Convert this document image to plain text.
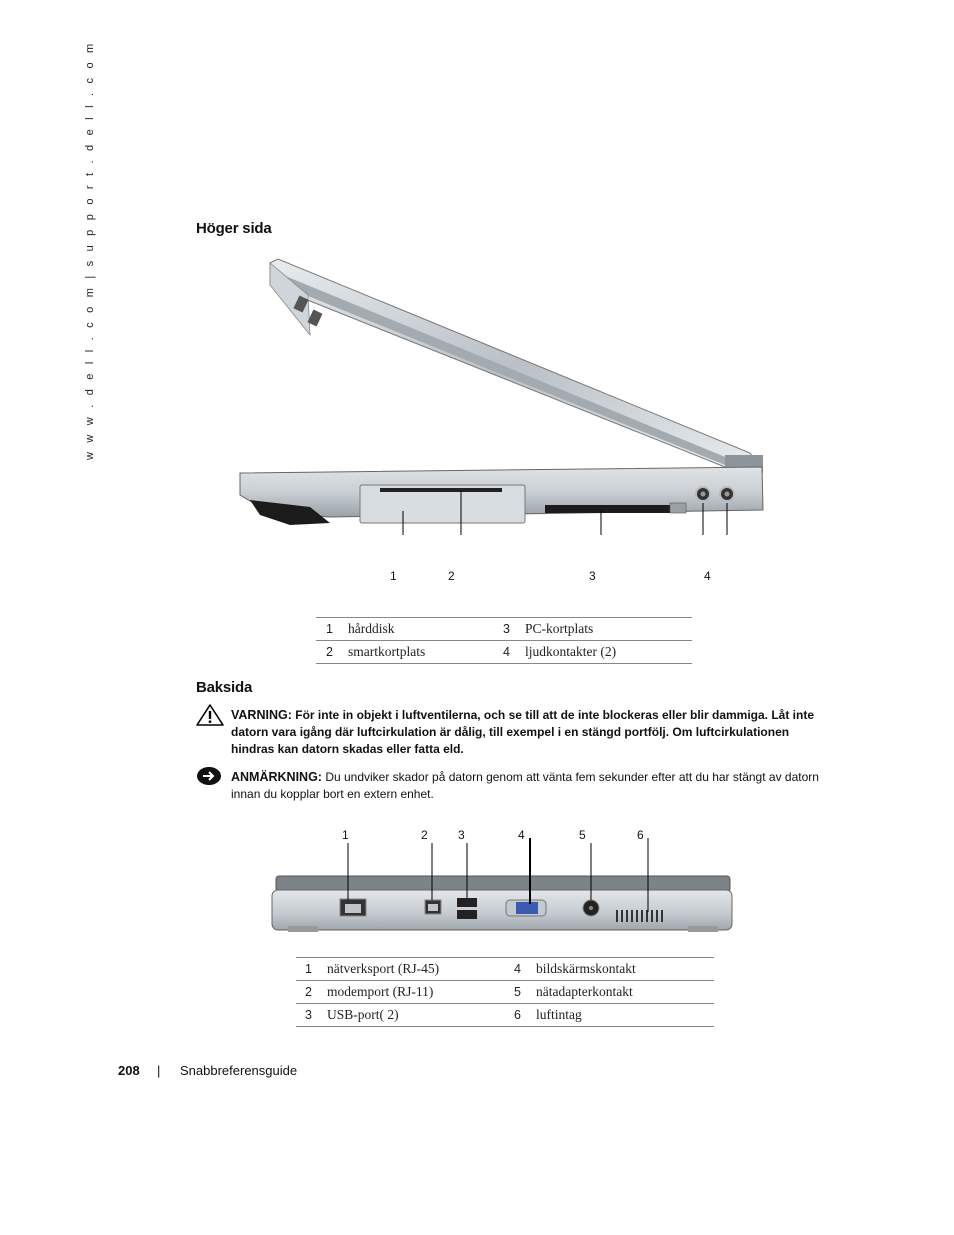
w w w . d e l l . c o m | s u p p o r t . d e l l . c o m	Höger sida
1	2	3	4
1	hårddisk	3	PC-kortplats
2	smartkortplats	4	ljudkontakter (2)
Baksida
VARNING: För inte in objekt i luftventilerna, och se till att de inte blockeras eller blir dammiga. Låt inte datorn vara igång där luftcirkulation är dålig, till exempel i en stängd portfölj. Om luftcirkulationen hindras kan datorn skadas eller fatta eld.
ANMÄRKNING: Du undviker skador på datorn genom att vänta fem sekunder efter att du har stängt av datorn innan du kopplar bort en extern enhet.
1	2	3	4	5	6
1	nätverksport (RJ-45)	4	bildskärmskontakt
2	modemport (RJ-11)	5	nätadapterkontakt
3	USB-port( 2)	6	luftintag
208 | Snabbreferensguide
